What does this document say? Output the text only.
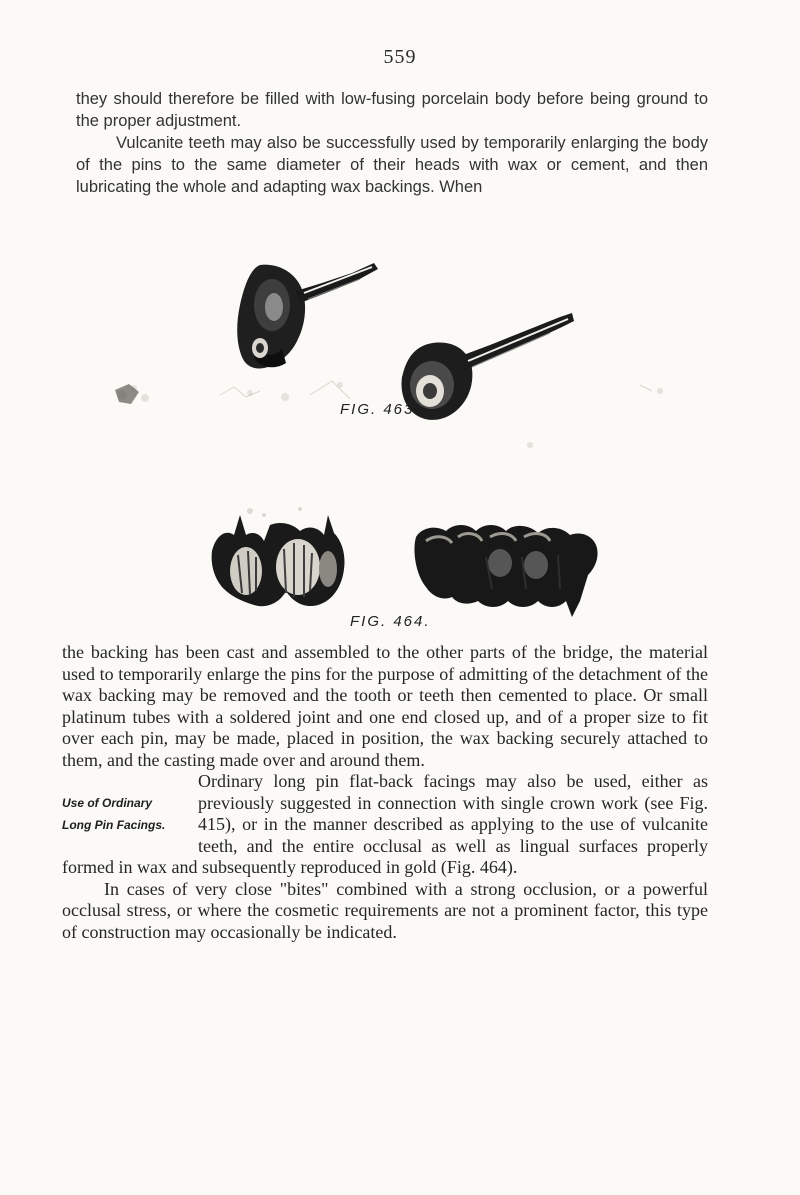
559

they should therefore be filled with low-fusing porcelain body before being ground to the proper adjustment.

Vulcanite teeth may also be successfully used by temporarily enlarging the body of the pins to the same diameter of their heads with wax or cement, and then lubricating the whole and adapting wax backings. When

FIG. 463.
FIG. 464.

the backing has been cast and assembled to the other parts of the bridge, the material used to temporarily enlarge the pins for the purpose of admitting of the detachment of the wax backing may be removed and the tooth or teeth then cemented to place. Or small platinum tubes with a soldered joint and one end closed up, and of a proper size to fit over each pin, may be made, placed in position, the wax backing securely attached to them, and the casting made over and around them.

Use of Ordinary
Long Pin Facings.

Ordinary long pin flat-back facings may also be used, either as previously suggested in connection with single crown work (see Fig. 415), or in the manner described as applying to the use of vulcanite teeth, and the entire occlusal as well as lingual surfaces properly formed in wax and subsequently reproduced in gold (Fig. 464).

In cases of very close "bites" combined with a strong occlusion, or a powerful occlusal stress, or where the cosmetic requirements are not a prominent factor, this type of construction may occasionally be indicated.
